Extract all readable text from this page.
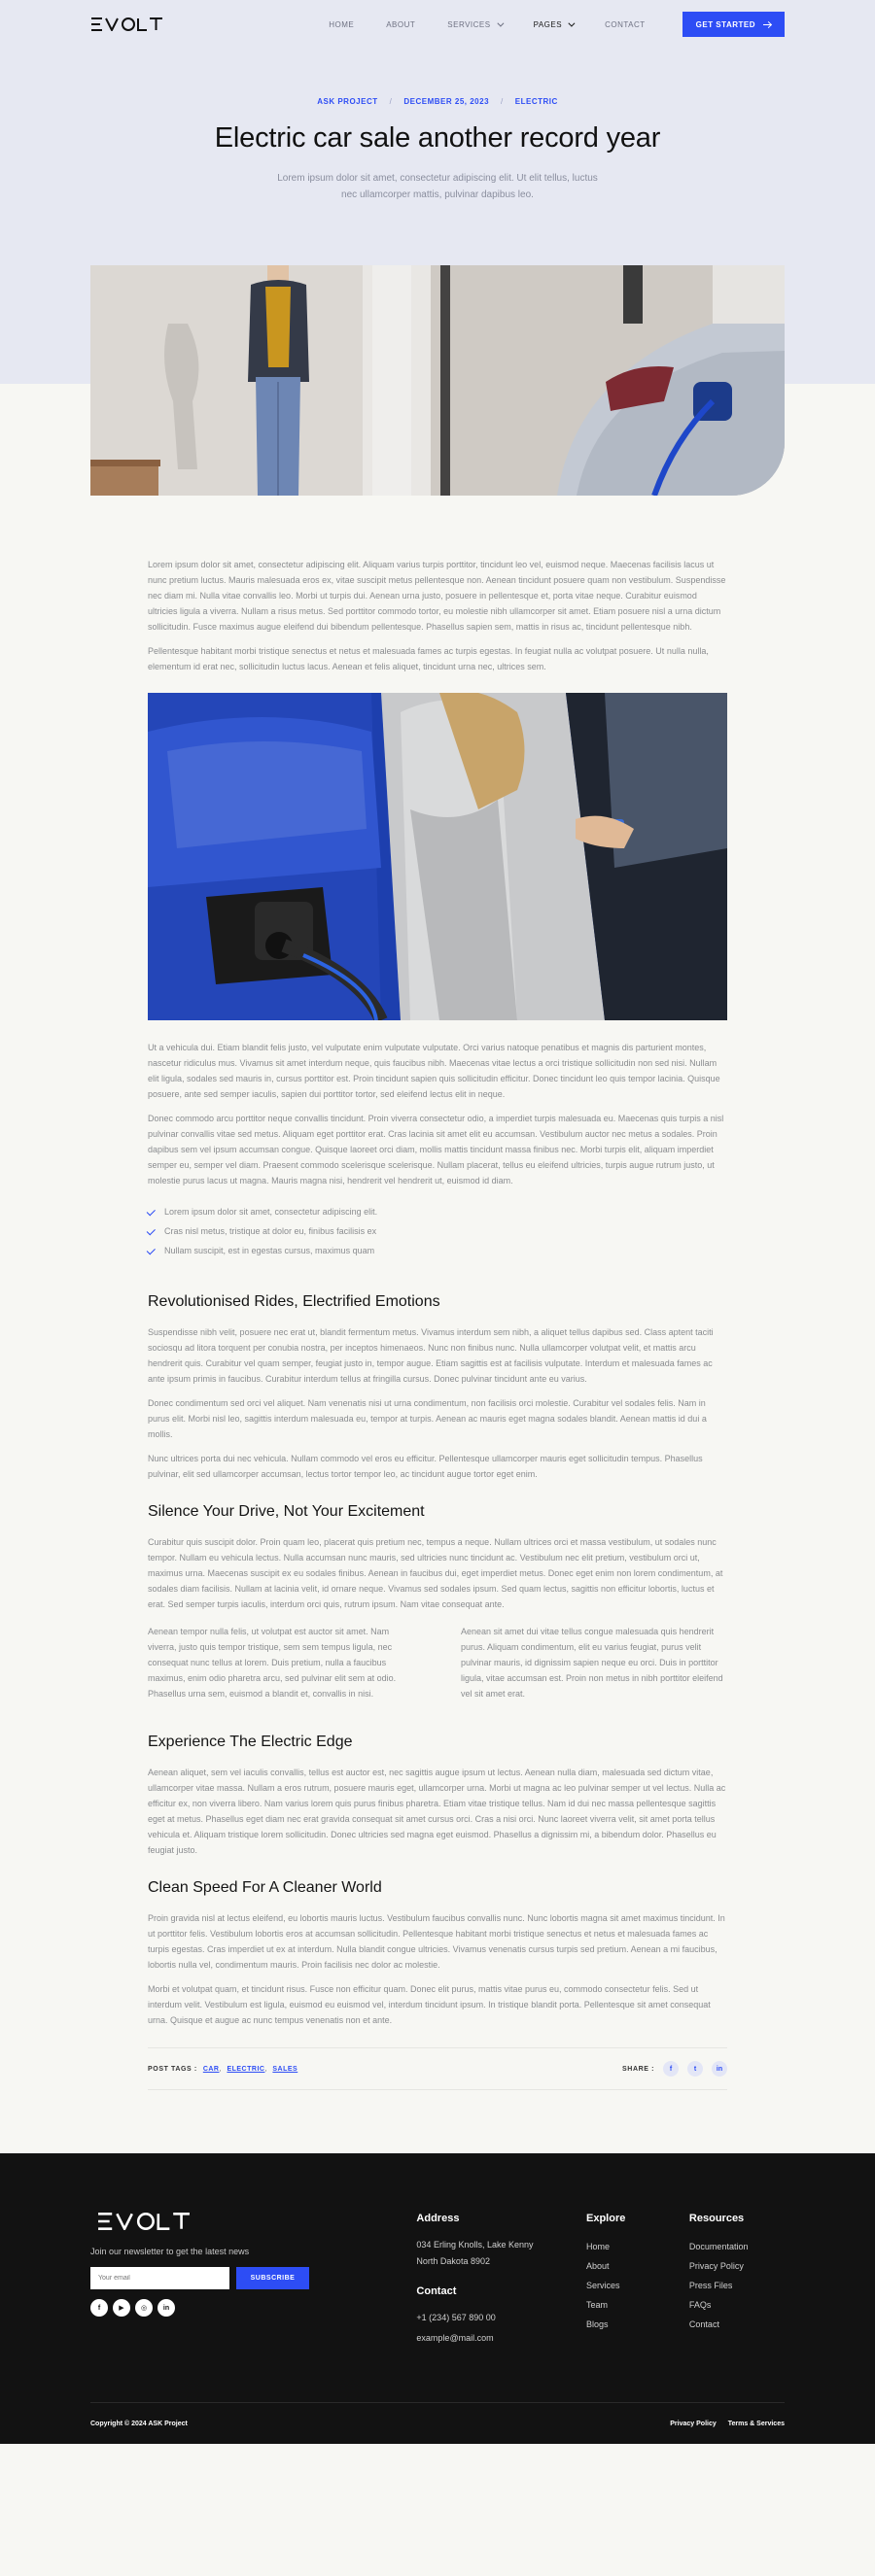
HOME	ABOUT	SERVICES	PAGES	CONTACT	GET STARTED
ASK PROJECT / DECEMBER 25, 2023 / ELECTRIC
Electric car sale another record year

Lorem ipsum dolor sit amet, consectetur adipiscing elit. Ut elit tellus, luctus nec ullamcorper mattis, pulvinar dapibus leo.

Lorem ipsum dolor sit amet, consectetur adipiscing elit. Aliquam varius turpis porttitor, tincidunt leo vel, euismod neque. Maecenas facilisis lacus ut nunc pretium luctus. Mauris malesuada eros ex, vitae suscipit metus pellentesque non. Aenean tincidunt posuere quam non vestibulum. Suspendisse nec diam mi. Nulla vitae convallis leo. Morbi ut turpis dui. Aenean urna justo, posuere in pellentesque et, porta vitae neque. Curabitur euismod ultricies ligula a viverra. Nullam a risus metus. Sed porttitor commodo tortor, eu molestie nibh ullamcorper sit amet. Etiam posuere nisl a urna dictum sollicitudin. Fusce maximus augue eleifend dui bibendum pellentesque. Phasellus sapien sem, mattis in risus ac, tincidunt pellentesque nibh.

Pellentesque habitant morbi tristique senectus et netus et malesuada fames ac turpis egestas. In feugiat nulla ac volutpat posuere. Ut nulla nulla, elementum id erat nec, sollicitudin luctus lacus. Aenean et felis aliquet, tincidunt urna nec, ultrices sem.

Ut a vehicula dui. Etiam blandit felis justo, vel vulputate enim vulputate vulputate. Orci varius natoque penatibus et magnis dis parturient montes, nascetur ridiculus mus. Vivamus sit amet interdum neque, quis faucibus nibh. Maecenas vitae lectus a orci tristique sollicitudin non sed nisi. Nullam elit ligula, sodales sed mauris in, cursus porttitor est. Proin tincidunt sapien quis sollicitudin efficitur. Donec tincidunt leo quis tempor lacinia. Quisque posuere, ante sed semper iaculis, sapien dui porttitor tortor, sed eleifend lectus elit in neque.

Donec commodo arcu porttitor neque convallis tincidunt. Proin viverra consectetur odio, a imperdiet turpis malesuada eu. Maecenas quis turpis a nisl pulvinar convallis vitae sed metus. Aliquam eget porttitor erat. Cras lacinia sit amet elit eu accumsan. Vestibulum auctor nec metus a sodales. Proin dapibus sem vel ipsum accumsan congue. Quisque laoreet orci diam, mollis mattis tincidunt massa finibus nec. Morbi turpis elit, aliquam imperdiet semper eu, semper vel diam. Praesent commodo scelerisque scelerisque. Nullam placerat, tellus eu eleifend ultricies, turpis augue rutrum justo, ut molestie purus lacus ut magna. Mauris magna nisi, hendrerit vel hendrerit ut, euismod id diam.

Lorem ipsum dolor sit amet, consectetur adipiscing elit.
Cras nisl metus, tristique at dolor eu, finibus facilisis ex
Nullam suscipit, est in egestas cursus, maximus quam
Revolutionised Rides, Electrified Emotions

Suspendisse nibh velit, posuere nec erat ut, blandit fermentum metus. Vivamus interdum sem nibh, a aliquet tellus dapibus sed. Class aptent taciti sociosqu ad litora torquent per conubia nostra, per inceptos himenaeos. Nunc non finibus nunc. Nulla ullamcorper volutpat velit, et mattis arcu hendrerit quis. Curabitur vel quam semper, feugiat justo in, tempor augue. Etiam sagittis est at facilisis vulputate. Interdum et malesuada fames ac ante ipsum primis in faucibus. Curabitur interdum tellus at fringilla cursus. Donec pulvinar tincidunt ante eu varius.

Donec condimentum sed orci vel aliquet. Nam venenatis nisi ut urna condimentum, non facilisis orci molestie. Curabitur vel sodales felis. Nam in purus elit. Morbi nisl leo, sagittis interdum malesuada eu, tempor at turpis. Aenean ac mauris eget magna sodales blandit. Aenean mattis id dui a mollis.

Nunc ultrices porta dui nec vehicula. Nullam commodo vel eros eu efficitur. Pellentesque ullamcorper mauris eget sollicitudin tempus. Phasellus pulvinar, elit sed ullamcorper accumsan, lectus tortor tempor leo, ac tincidunt augue tortor eget enim.

Silence Your Drive, Not Your Excitement

Curabitur quis suscipit dolor. Proin quam leo, placerat quis pretium nec, tempus a neque. Nullam ultrices orci et massa vestibulum, ut sodales nunc tempor. Nullam eu vehicula lectus. Nulla accumsan nunc mauris, sed ultricies nunc tincidunt ac. Vestibulum nec elit pretium, vestibulum orci ut, maximus urna. Maecenas suscipit ex eu sodales finibus. Aenean in faucibus dui, eget imperdiet metus. Donec eget enim non lorem condimentum, at sodales diam facilisis. Nullam at lacinia velit, id ornare neque. Vivamus sed sodales ipsum. Sed quam lectus, sagittis non efficitur lobortis, luctus et erat. Sed semper turpis iaculis, interdum orci quis, rutrum ipsum. Nam vitae consequat ante.

Aenean tempor nulla felis, ut volutpat est auctor sit amet. Nam viverra, justo quis tempor tristique, sem sem tempus ligula, nec consequat nunc tellus at lorem. Duis pretium, nulla a faucibus maximus, enim odio pharetra arcu, sed pulvinar elit sem at odio. Phasellus urna sem, euismod a blandit et, convallis in nisi.

Aenean sit amet dui vitae tellus congue malesuada quis hendrerit purus. Aliquam condimentum, elit eu varius feugiat, purus velit pulvinar mauris, id dignissim sapien neque eu orci. Duis in porttitor ligula, vitae accumsan est. Proin non metus in nibh porttitor eleifend vel sit amet erat.

Experience The Electric Edge

Aenean aliquet, sem vel iaculis convallis, tellus est auctor est, nec sagittis augue ipsum ut lectus. Aenean nulla diam, malesuada sed dictum vitae, ullamcorper vitae massa. Nullam a eros rutrum, posuere mauris eget, ullamcorper urna. Morbi ut magna ac leo pulvinar semper ut vel lectus. Nulla ac efficitur ex, non viverra libero. Nam varius lorem quis purus finibus pharetra. Etiam vitae tristique tellus. Nam id dui nec massa pellentesque sagittis eget at metus. Phasellus eget diam nec erat gravida consequat sit amet cursus orci. Cras a nisi orci. Nunc laoreet viverra velit, sit amet porta tellus vehicula et. Aliquam tristique lorem sollicitudin. Donec ultricies sed magna eget euismod. Phasellus a dignissim mi, a bibendum dolor. Phasellus eu feugiat justo.

Clean Speed For A Cleaner World

Proin gravida nisl at lectus eleifend, eu lobortis mauris luctus. Vestibulum faucibus convallis nunc. Nunc lobortis magna sit amet maximus tincidunt. In ut porttitor felis. Vestibulum lobortis eros at accumsan sollicitudin. Pellentesque habitant morbi tristique senectus et netus et malesuada fames ac turpis egestas. Cras imperdiet ut ex at interdum. Nulla blandit congue ultricies. Vivamus venenatis cursus turpis sed pretium. Aenean a mi faucibus, lobortis nulla vel, condimentum mauris. Proin facilisis nec dolor ac molestie.

Morbi et volutpat quam, et tincidunt risus. Fusce non efficitur quam. Donec elit purus, mattis vitae purus eu, commodo consectetur felis. Sed ut interdum velit. Vestibulum est ligula, euismod eu euismod vel, interdum tincidunt ipsum. In tristique blandit porta. Pellentesque sit amet consequat urna. Quisque et augue ac nunc tempus venenatis non et ante.

POST TAGS : CAR , ELECTRIC , SALES	SHARE :	f	t	in
Join our newsletter to get the latest news
Your email
SUBSCRIBE
f	▶	◎	in
Address
034 Erling Knolls, Lake Kenny
North Dakota 8902
Contact
+1 (234) 567 890 00
example@mail.com
Explore
Home
About
Services
Team
Blogs
Resources
Documentation
Privacy Policy
Press Files
FAQs
Contact
Copyright © 2024 ASK Project	Privacy Policy Terms & Services
